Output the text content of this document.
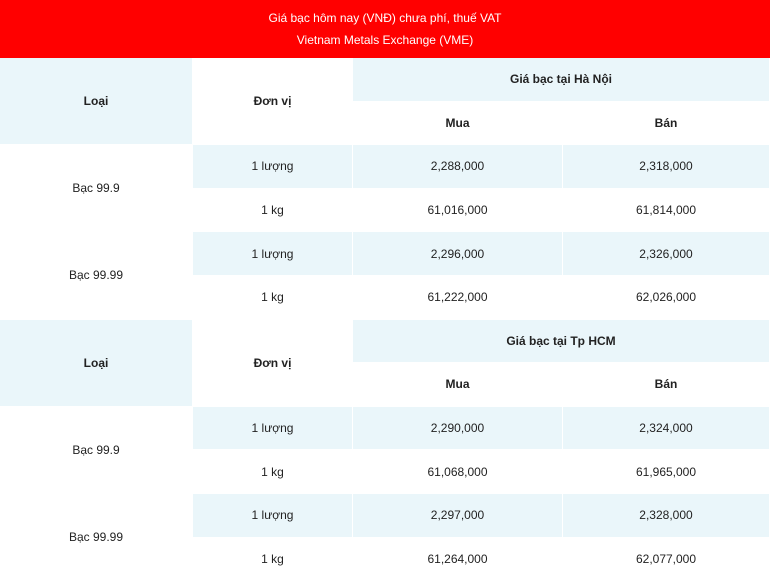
Giá bạc hôm nay (VNĐ) chưa phí, thuế VAT
Vietnam Metals Exchange (VME)
Loại	Đơn vị	Giá bạc tại Hà Nội	
		Mua	Bán
Bạc 99.9	1 lượng	2,288,000	2,318,000
	1 kg	61,016,000	61,814,000
Bạc 99.99	1 lượng	2,296,000	2,326,000
	1 kg	61,222,000	62,026,000
Loại	Đơn vị	Giá bạc tại Tp HCM	
		Mua	Bán
Bạc 99.9	1 lượng	2,290,000	2,324,000
	1 kg	61,068,000	61,965,000
Bạc 99.99	1 lượng	2,297,000	2,328,000
	1 kg	61,264,000	62,077,000
